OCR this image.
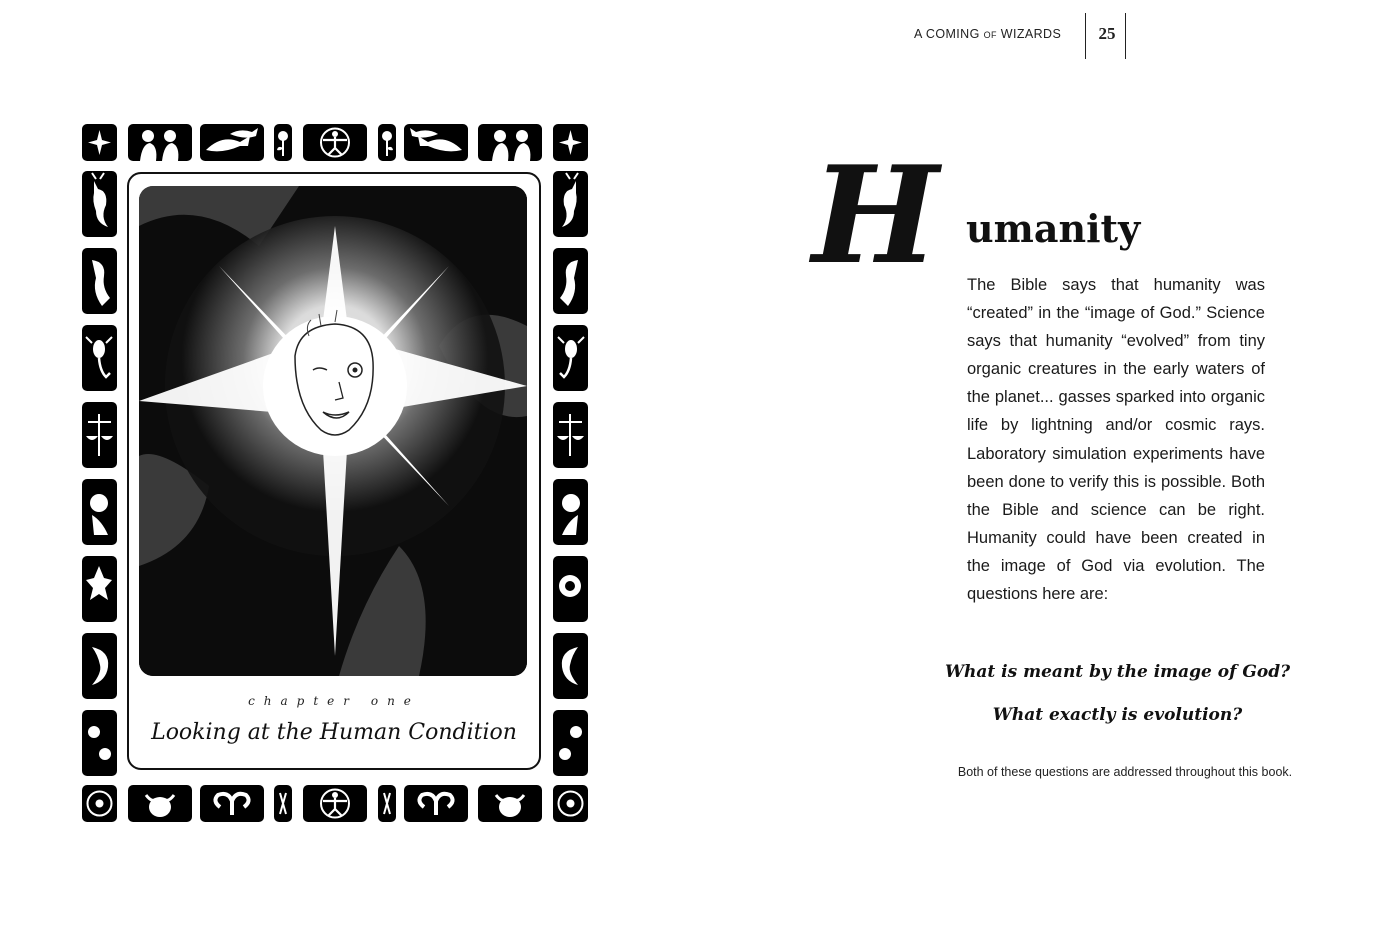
A COMING OF WIZARDS	25
chapter one
Looking at the Human Condition
H umanity
The Bible says that humanity was “created” in the “image of God.” Science says that humanity “evolved” from tiny organic creatures in the early waters of the planet... gasses sparked into organic life by lightning and/or cosmic rays. Laboratory simulation experiments have been done to verify this is possible. Both the Bible and science can be right. Humanity could have been created in the image of God via evolution. The questions here are:
What is meant by the image of God?
What exactly is evolution?
Both of these questions are addressed throughout this book.
